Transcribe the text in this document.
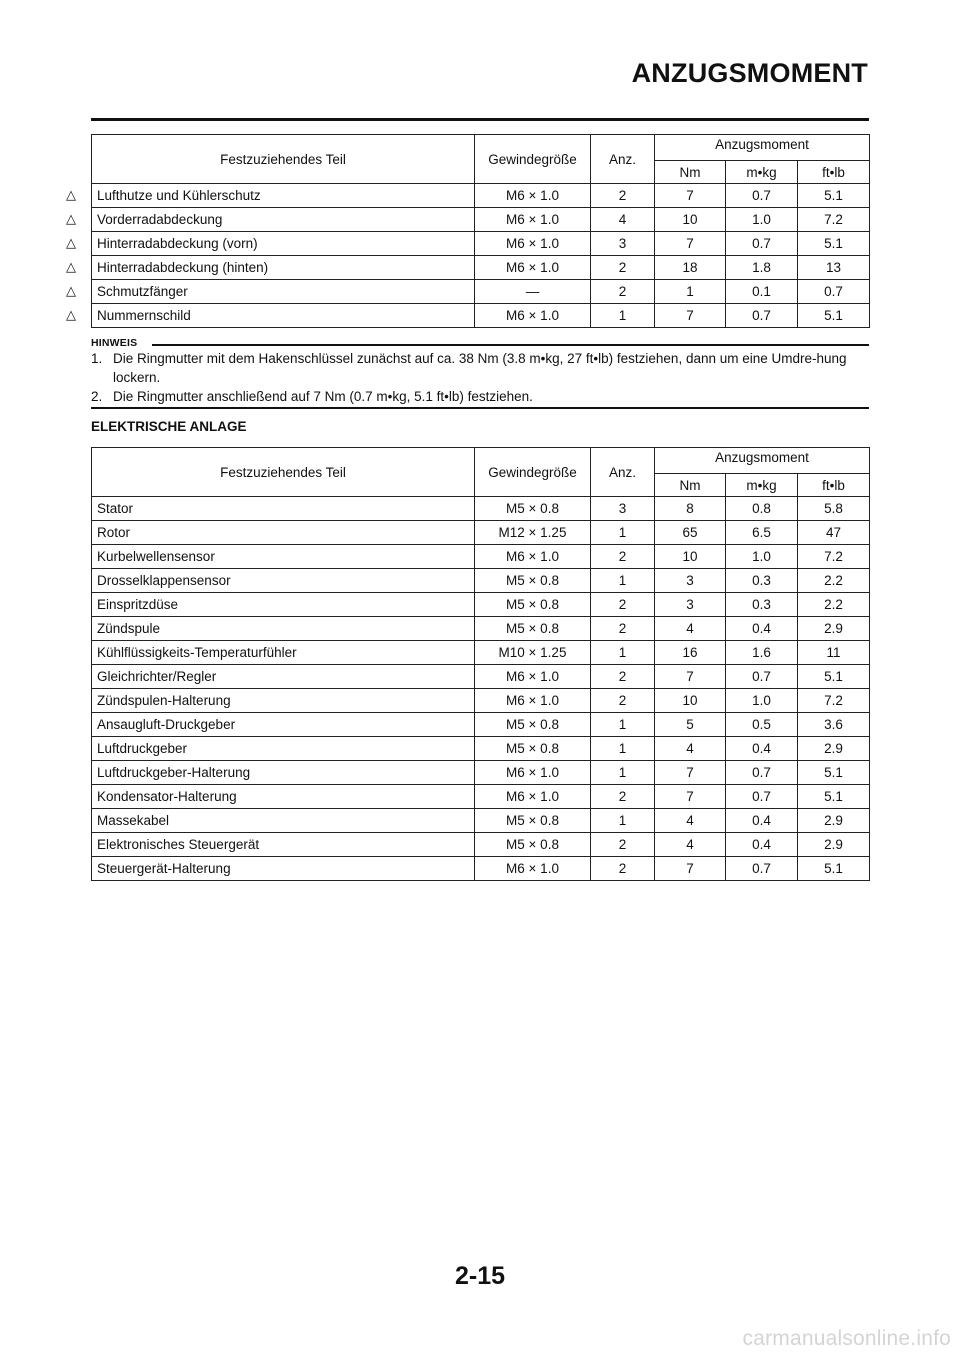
ANZUGSMOMENT
Festzuziehendes Teil	Gewindegröße	Anz.	Anzugsmoment		
			Nm	m•kg	ft•lb
Lufthutze und Kühlerschutz	M6 × 1.0	2	7	0.7	5.1
Vorderradabdeckung	M6 × 1.0	4	10	1.0	7.2
Hinterradabdeckung (vorn)	M6 × 1.0	3	7	0.7	5.1
Hinterradabdeckung (hinten)	M6 × 1.0	2	18	1.8	13
Schmutzfänger	—	2	1	0.1	0.7
Nummernschild	M6 × 1.0	1	7	0.7	5.1
△
△
△
△
△
△
HINWEIS
1. Die Ringmutter mit dem Hakenschlüssel zunächst auf ca. 38 Nm (3.8 m•kg, 27 ft•lb) festziehen, dann um eine Umdre-hung lockern.
2. Die Ringmutter anschließend auf 7 Nm (0.7 m•kg, 5.1 ft•lb) festziehen.
ELEKTRISCHE ANLAGE
Festzuziehendes Teil	Gewindegröße	Anz.	Anzugsmoment		
			Nm	m•kg	ft•lb
Stator	M5 × 0.8	3	8	0.8	5.8
Rotor	M12 × 1.25	1	65	6.5	47
Kurbelwellensensor	M6 × 1.0	2	10	1.0	7.2
Drosselklappensensor	M5 × 0.8	1	3	0.3	2.2
Einspritzdüse	M5 × 0.8	2	3	0.3	2.2
Zündspule	M5 × 0.8	2	4	0.4	2.9
Kühlflüssigkeits-Temperaturfühler	M10 × 1.25	1	16	1.6	11
Gleichrichter/Regler	M6 × 1.0	2	7	0.7	5.1
Zündspulen-Halterung	M6 × 1.0	2	10	1.0	7.2
Ansaugluft-Druckgeber	M5 × 0.8	1	5	0.5	3.6
Luftdruckgeber	M5 × 0.8	1	4	0.4	2.9
Luftdruckgeber-Halterung	M6 × 1.0	1	7	0.7	5.1
Kondensator-Halterung	M6 × 1.0	2	7	0.7	5.1
Massekabel	M5 × 0.8	1	4	0.4	2.9
Elektronisches Steuergerät	M5 × 0.8	2	4	0.4	2.9
Steuergerät-Halterung	M6 × 1.0	2	7	0.7	5.1
2-15
carmanualsonline.info
